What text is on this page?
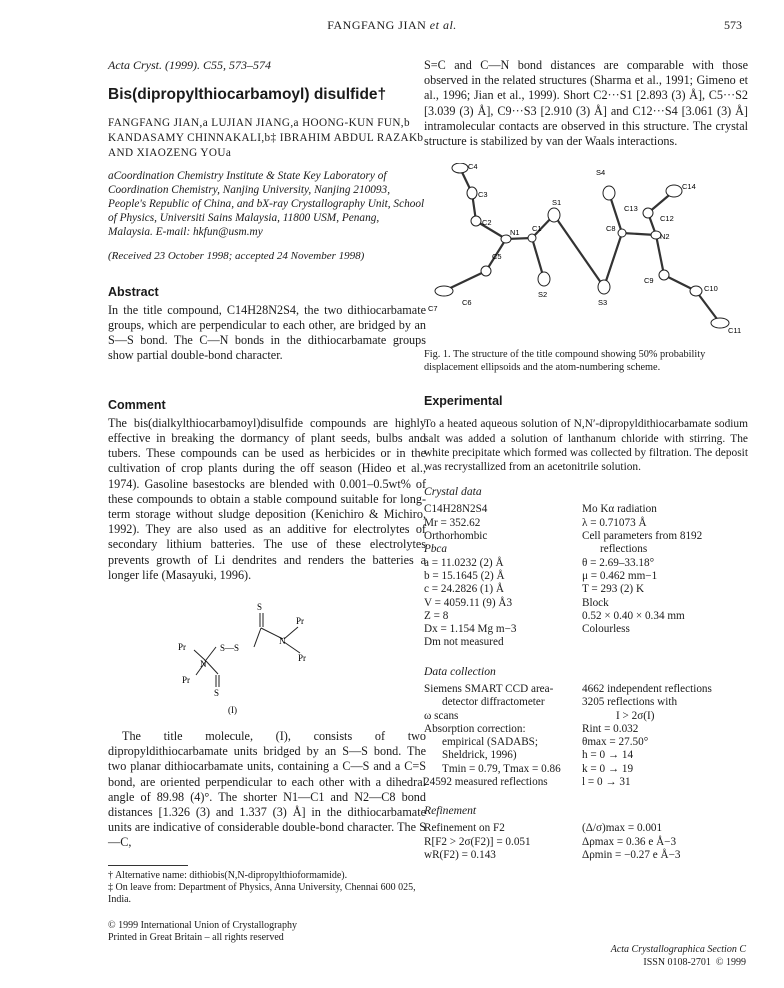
FANGFANG JIAN et al.	573

Acta Cryst. (1999). C55, 573–574

Bis(dipropylthiocarbamoyl) disulfide†

FANGFANG JIAN,a LUJIAN JIANG,a HOONG-KUN FUN,b KANDASAMY CHINNAKALI,b‡ IBRAHIM ABDUL RAZAKb AND XIAOZENG YOUa

aCoordination Chemistry Institute & State Key Laboratory of Coordination Chemistry, Nanjing University, Nanjing 210093, People's Republic of China, and bX-ray Crystallography Unit, School of Physics, Universiti Sains Malaysia, 11800 USM, Penang, Malaysia. E-mail: hkfun@usm.my

(Received 23 October 1998; accepted 24 November 1998)

Abstract

In the title compound, C14H28N2S4, the two dithiocarbamate groups, which are perpendicular to each other, are bridged by an S—S bond. The C—N bonds in the dithiocarbamate groups show partial double-bond character.

Comment

The bis(dialkylthiocarbamoyl)disulfide compounds are highly effective in breaking the dormancy of plant seeds, bulbs and tubers. These compounds can be used as herbicides or in the cultivation of crop plants during the off season (Hideo et al., 1974). Gasoline basestocks are blended with 0.001–0.5wt% of these compounds to obtain a stable compound suitable for long-term storage without sludge deposition (Kenichiro & Michiro, 1992). They are also used as an additive for electrolytes of secondary lithium batteries. The use of these electrolytes prevents growth of Li dendrites and renders the batteries a longer life (Masayuki, 1996).

S
Pr
N
Pr
Pr	S—S
N
Pr
S
(I)

The title molecule, (I), consists of two dipropyldithiocarbamate units bridged by an S—S bond. The two planar dithiocarbamate units, containing a C—S and a C=S bond, are oriented perpendicular to each other with a dihedral angle of 89.98 (4)°. The shorter N1—C1 and N2—C8 bond distances [1.326 (3) and 1.337 (3) Å] in the dithiocarbamate units are indicative of considerable double-bond character. The S—C,

† Alternative name: dithiobis(N,N-dipropylthioformamide).

‡ On leave from: Department of Physics, Anna University, Chennai 600 025, India.

© 1999 International Union of Crystallography

Printed in Great Britain – all rights reserved

S=C and C—N bond distances are comparable with those observed in the related structures (Sharma et al., 1991; Gimeno et al., 1996; Jian et al., 1999). Short C2···S1 [2.893 (3) Å], C5···S2 [3.039 (3) Å], C9···S3 [2.910 (3) Å] and C12···S4 [3.061 (3) Å] intramolecular contacts are observed in this structure. The crystal structure is stabilized by van der Waals interactions.

C4
S4
C14
C3
C13
C12
C2
S1
C8
N1 C1
N2
C5
S3
C9
C10
S2
C7
C6
C11

Fig. 1. The structure of the title compound showing 50% probability displacement ellipsoids and the atom-numbering scheme.

Experimental

To a heated aqueous solution of N,N′-dipropyldithiocarbamate sodium salt was added a solution of lanthanum chloride with stirring. The white precipitate which formed was collected by filtration. The deposit was recrystallized from an acetonitrile solution.

Crystal data

C14H28N2S4
Mr = 352.62
Orthorhombic
Pbca
a = 11.0232 (2) Å
b = 15.1645 (2) Å
c = 24.2826 (1) Å
V = 4059.11 (9) Å3
Z = 8
Dx = 1.154 Mg m−3
Dm not measured
Mo Kα radiation
λ = 0.71073 Å
Cell parameters from 8192
reflections
θ = 2.69–33.18°
μ = 0.462 mm−1
T = 293 (2) K
Block
0.52 × 0.40 × 0.34 mm
Colourless

Data collection

Siemens SMART CCD area-
detector diffractometer
ω scans
Absorption correction:
empirical (SADABS;
Sheldrick, 1996)
Tmin = 0.79, Tmax = 0.86
24592 measured reflections
4662 independent reflections
3205 reflections with
I > 2σ(I)
Rint = 0.032
θmax = 27.50°
h = 0 → 14
k = 0 → 19
l = 0 → 31

Refinement

Refinement on F2
R[F2 > 2σ(F2)] = 0.051
wR(F2) = 0.143
(Δ/σ)max = 0.001
Δρmax = 0.36 e Å−3
Δρmin = −0.27 e Å−3
Acta Crystallographica Section C
ISSN 0108-2701 © 1999
